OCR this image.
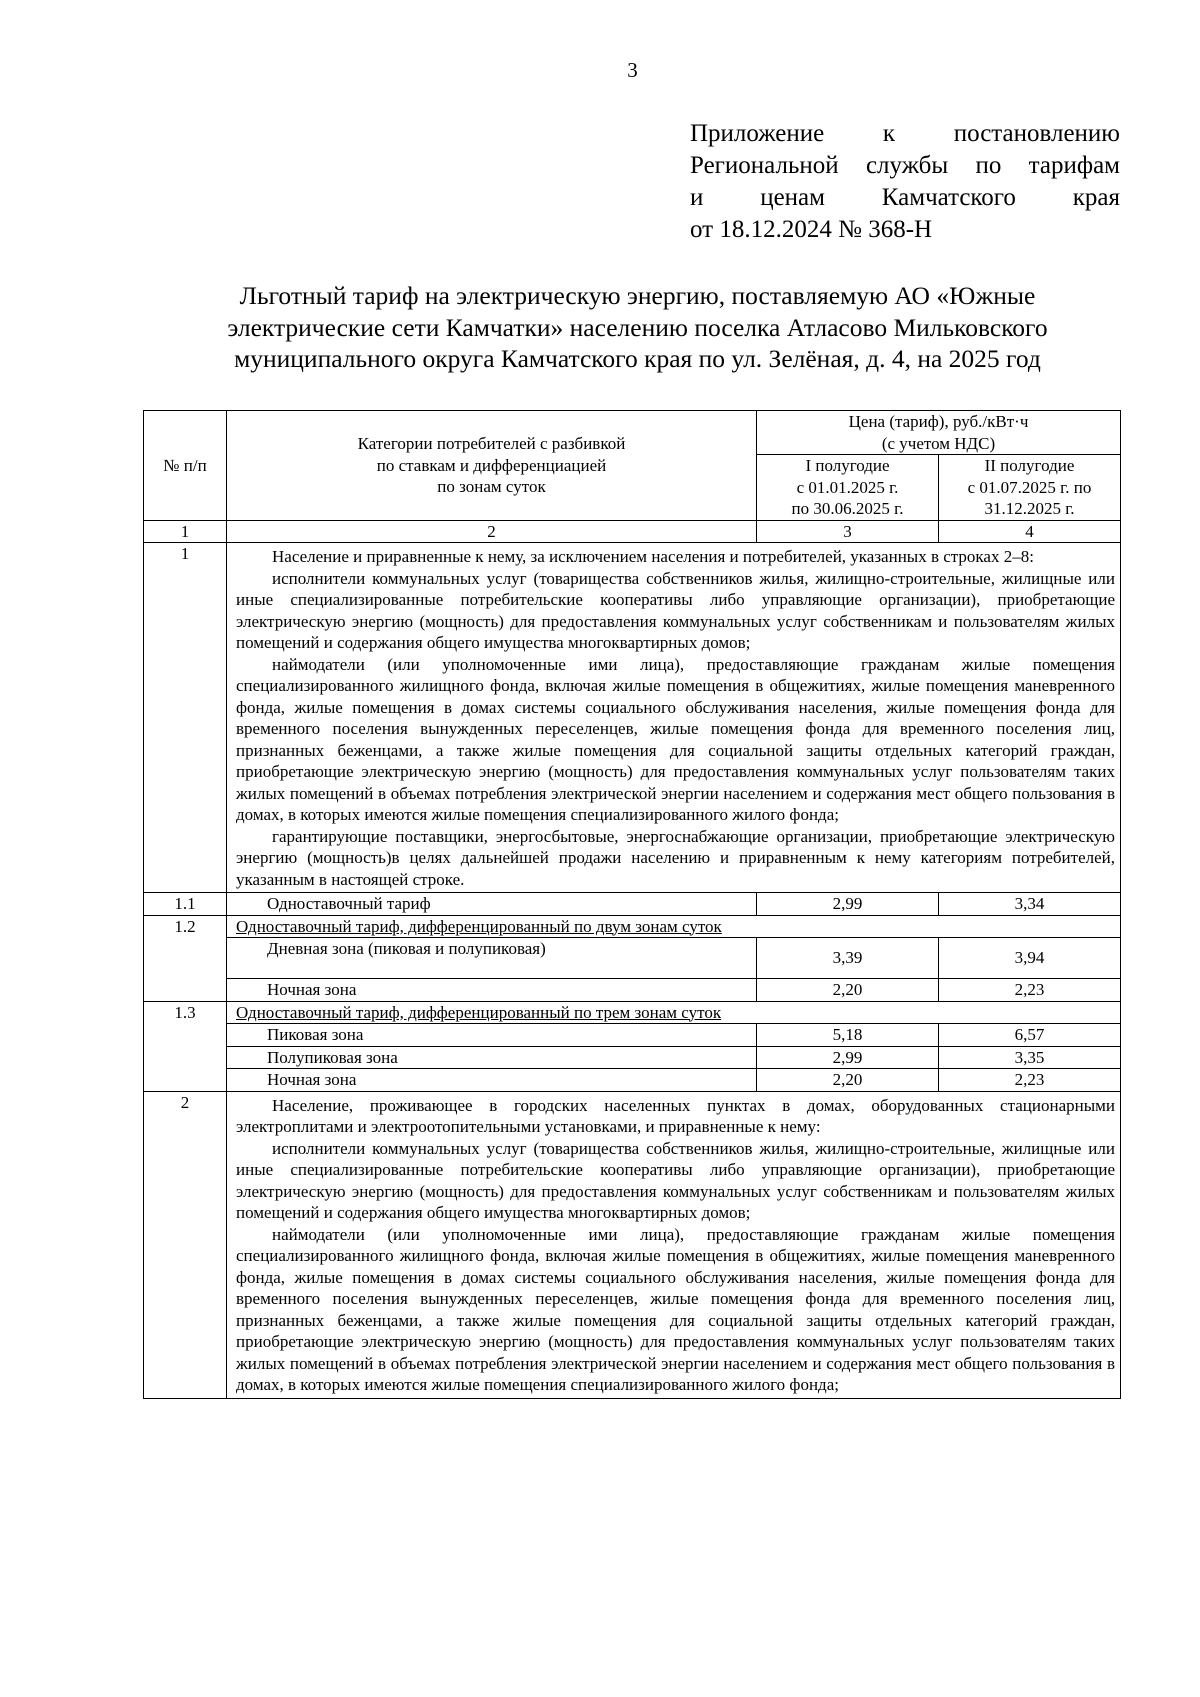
3
Приложение к постановлению
Региональной службы по тарифам
и ценам Камчатского края
от 18.12.2024 № 368-Н
Льготный тариф на электрическую энергию, поставляемую АО «Южные
электрические сети Камчатки» населению поселка Атласово Мильковского
муниципального округа Камчатского края по ул. Зелёная, д. 4, на 2025 год
№ п/п	Категории потребителей с разбивкой
по ставкам и дифференциацией
по зонам суток	Цена (тариф), руб./кВт·ч
(с учетом НДС)	
		I полугодие
с 01.01.2025 г.
по 30.06.2025 г.	II полугодие
с 01.07.2025 г. по
31.12.2025 г.
1	2	3	4
1	Население и приравненные к нему, за исключением населения и потребителей, указанных в строках 2–8:

исполнители коммунальных услуг (товарищества собственников жилья, жилищно-строительные, жилищные или иные специализированные потребительские кооперативы либо управляющие организации), приобретающие электрическую энергию (мощность) для предоставления коммунальных услуг собственникам и пользователям жилых помещений и содержания общего имущества многоквартирных домов;

наймодатели (или уполномоченные ими лица), предоставляющие гражданам жилые помещения специализированного жилищного фонда, включая жилые помещения в общежитиях, жилые помещения маневренного фонда, жилые помещения в домах системы социального обслуживания населения, жилые помещения фонда для временного поселения вынужденных переселенцев, жилые помещения фонда для временного поселения лиц, признанных беженцами, а также жилые помещения для социальной защиты отдельных категорий граждан, приобретающие электрическую энергию (мощность) для предоставления коммунальных услуг пользователям таких жилых помещений в объемах потребления электрической энергии населением и содержания мест общего пользования в домах, в которых имеются жилые помещения специализированного жилого фонда;

гарантирующие поставщики, энергосбытовые, энергоснабжающие организации, приобретающие электрическую энергию (мощность)в целях дальнейшей продажи населению и приравненным к нему категориям потребителей, указанным в настоящей строке.		

1.1	Одноставочный тариф	2,99	3,34
1.2	Одноставочный тариф, дифференцированный по двум зонам суток		
	Дневная зона (пиковая и полупиковая)	3,39	3,94
	Ночная зона	2,20	2,23
1.3	Одноставочный тариф, дифференцированный по трем зонам суток		
	Пиковая зона	5,18	6,57
	Полупиковая зона	2,99	3,35
	Ночная зона	2,20	2,23
2	Население, проживающее в городских населенных пунктах в домах, оборудованных стационарными электроплитами и электроотопительными установками, и приравненные к нему:

исполнители коммунальных услуг (товарищества собственников жилья, жилищно-строительные, жилищные или иные специализированные потребительские кооперативы либо управляющие организации), приобретающие электрическую энергию (мощность) для предоставления коммунальных услуг собственникам и пользователям жилых помещений и содержания общего имущества многоквартирных домов;

наймодатели (или уполномоченные ими лица), предоставляющие гражданам жилые помещения специализированного жилищного фонда, включая жилые помещения в общежитиях, жилые помещения маневренного фонда, жилые помещения в домах системы социального обслуживания населения, жилые помещения фонда для временного поселения вынужденных переселенцев, жилые помещения фонда для временного поселения лиц, признанных беженцами, а также жилые помещения для социальной защиты отдельных категорий граждан, приобретающие электрическую энергию (мощность) для предоставления коммунальных услуг пользователям таких жилых помещений в объемах потребления электрической энергии населением и содержания мест общего пользования в домах, в которых имеются жилые помещения специализированного жилого фонда;		
